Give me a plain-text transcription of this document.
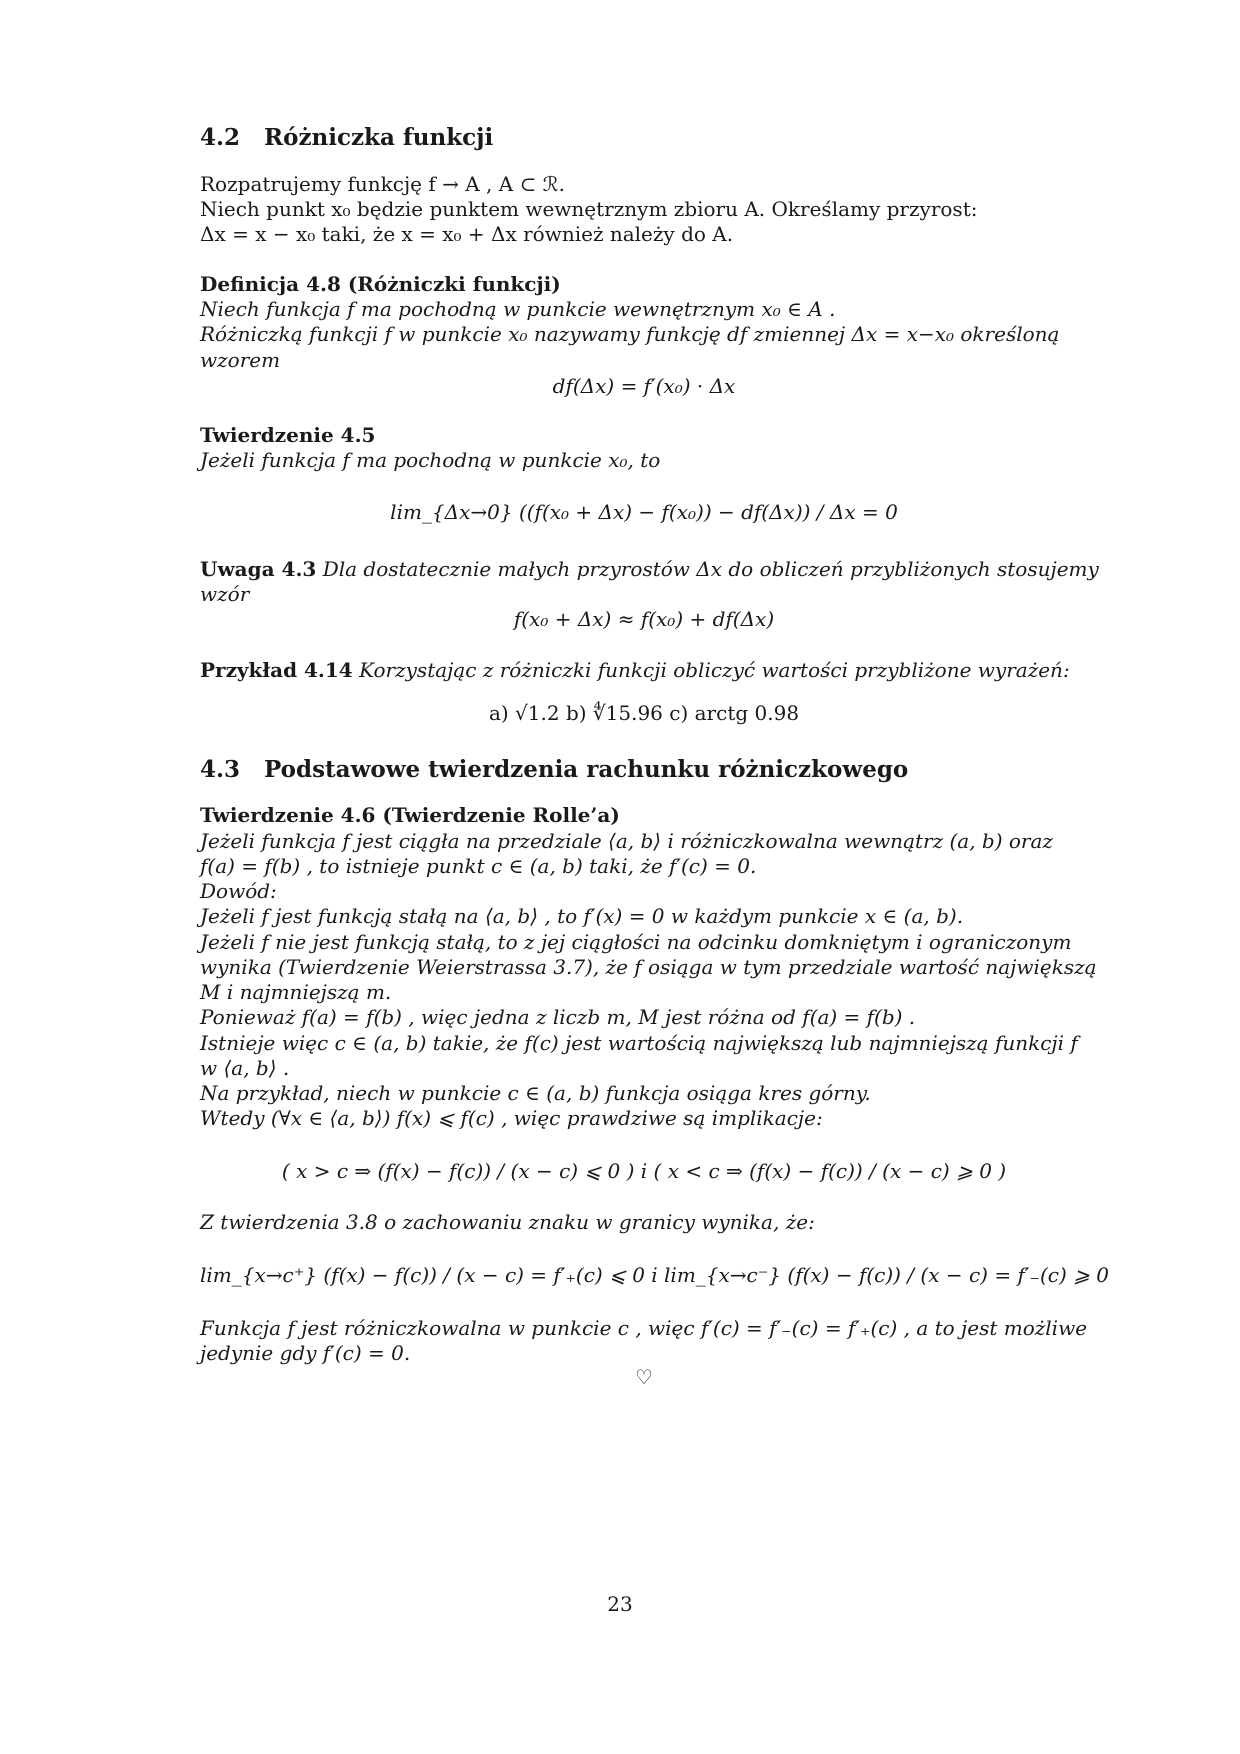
4.2 Różniczka funkcji
Rozpatrujemy funkcję f → A , A ⊂ ℛ.
Niech punkt x₀ będzie punktem wewnętrznym zbioru A. Określamy przyrost:
Δx = x − x₀ taki, że x = x₀ + Δx również należy do A.
Definicja 4.8 (Różniczki funkcji)
Niech funkcja f ma pochodną w punkcie wewnętrznym x₀ ∈ A .
Różniczką funkcji f w punkcie x₀ nazywamy funkcję df zmiennej Δx = x−x₀ określoną
wzorem
df(Δx) = f′(x₀) · Δx
Twierdzenie 4.5
Jeżeli funkcja f ma pochodną w punkcie x₀, to
lim_{Δx→0} ((f(x₀ + Δx) − f(x₀)) − df(Δx)) / Δx = 0
Uwaga 4.3 Dla dostatecznie małych przyrostów Δx do obliczeń przybliżonych stosujemy
wzór
f(x₀ + Δx) ≈ f(x₀) + df(Δx)
Przykład 4.14 Korzystając z różniczki funkcji obliczyć wartości przybliżone wyrażeń:
a) √1.2 b) ∜15.96 c) arctg 0.98
4.3 Podstawowe twierdzenia rachunku różniczkowego
Twierdzenie 4.6 (Twierdzenie Rolle’a)
Jeżeli funkcja f jest ciągła na przedziale ⟨a, b⟩ i różniczkowalna wewnątrz (a, b) oraz
f(a) = f(b) , to istnieje punkt c ∈ (a, b) taki, że f′(c) = 0.
Dowód:
Jeżeli f jest funkcją stałą na ⟨a, b⟩ , to f′(x) = 0 w każdym punkcie x ∈ (a, b).
Jeżeli f nie jest funkcją stałą, to z jej ciągłości na odcinku domkniętym i ograniczonym
wynika (Twierdzenie Weierstrassa 3.7), że f osiąga w tym przedziale wartość największą
M i najmniejszą m.
Ponieważ f(a) = f(b) , więc jedna z liczb m, M jest różna od f(a) = f(b) .
Istnieje więc c ∈ (a, b) takie, że f(c) jest wartością największą lub najmniejszą funkcji f
w ⟨a, b⟩ .
Na przykład, niech w punkcie c ∈ (a, b) funkcja osiąga kres górny.
Wtedy (∀x ∈ ⟨a, b⟩) f(x) ⩽ f(c) , więc prawdziwe są implikacje:
( x > c ⇒ (f(x) − f(c)) / (x − c) ⩽ 0 ) i ( x < c ⇒ (f(x) − f(c)) / (x − c) ⩾ 0 )
Z twierdzenia 3.8 o zachowaniu znaku w granicy wynika, że:
lim_{x→c⁺} (f(x) − f(c)) / (x − c) = f′₊(c) ⩽ 0 i lim_{x→c⁻} (f(x) − f(c)) / (x − c) = f′₋(c) ⩾ 0
Funkcja f jest różniczkowalna w punkcie c , więc f′(c) = f′₋(c) = f′₊(c) , a to jest możliwe
jedynie gdy f′(c) = 0.
♡
23
